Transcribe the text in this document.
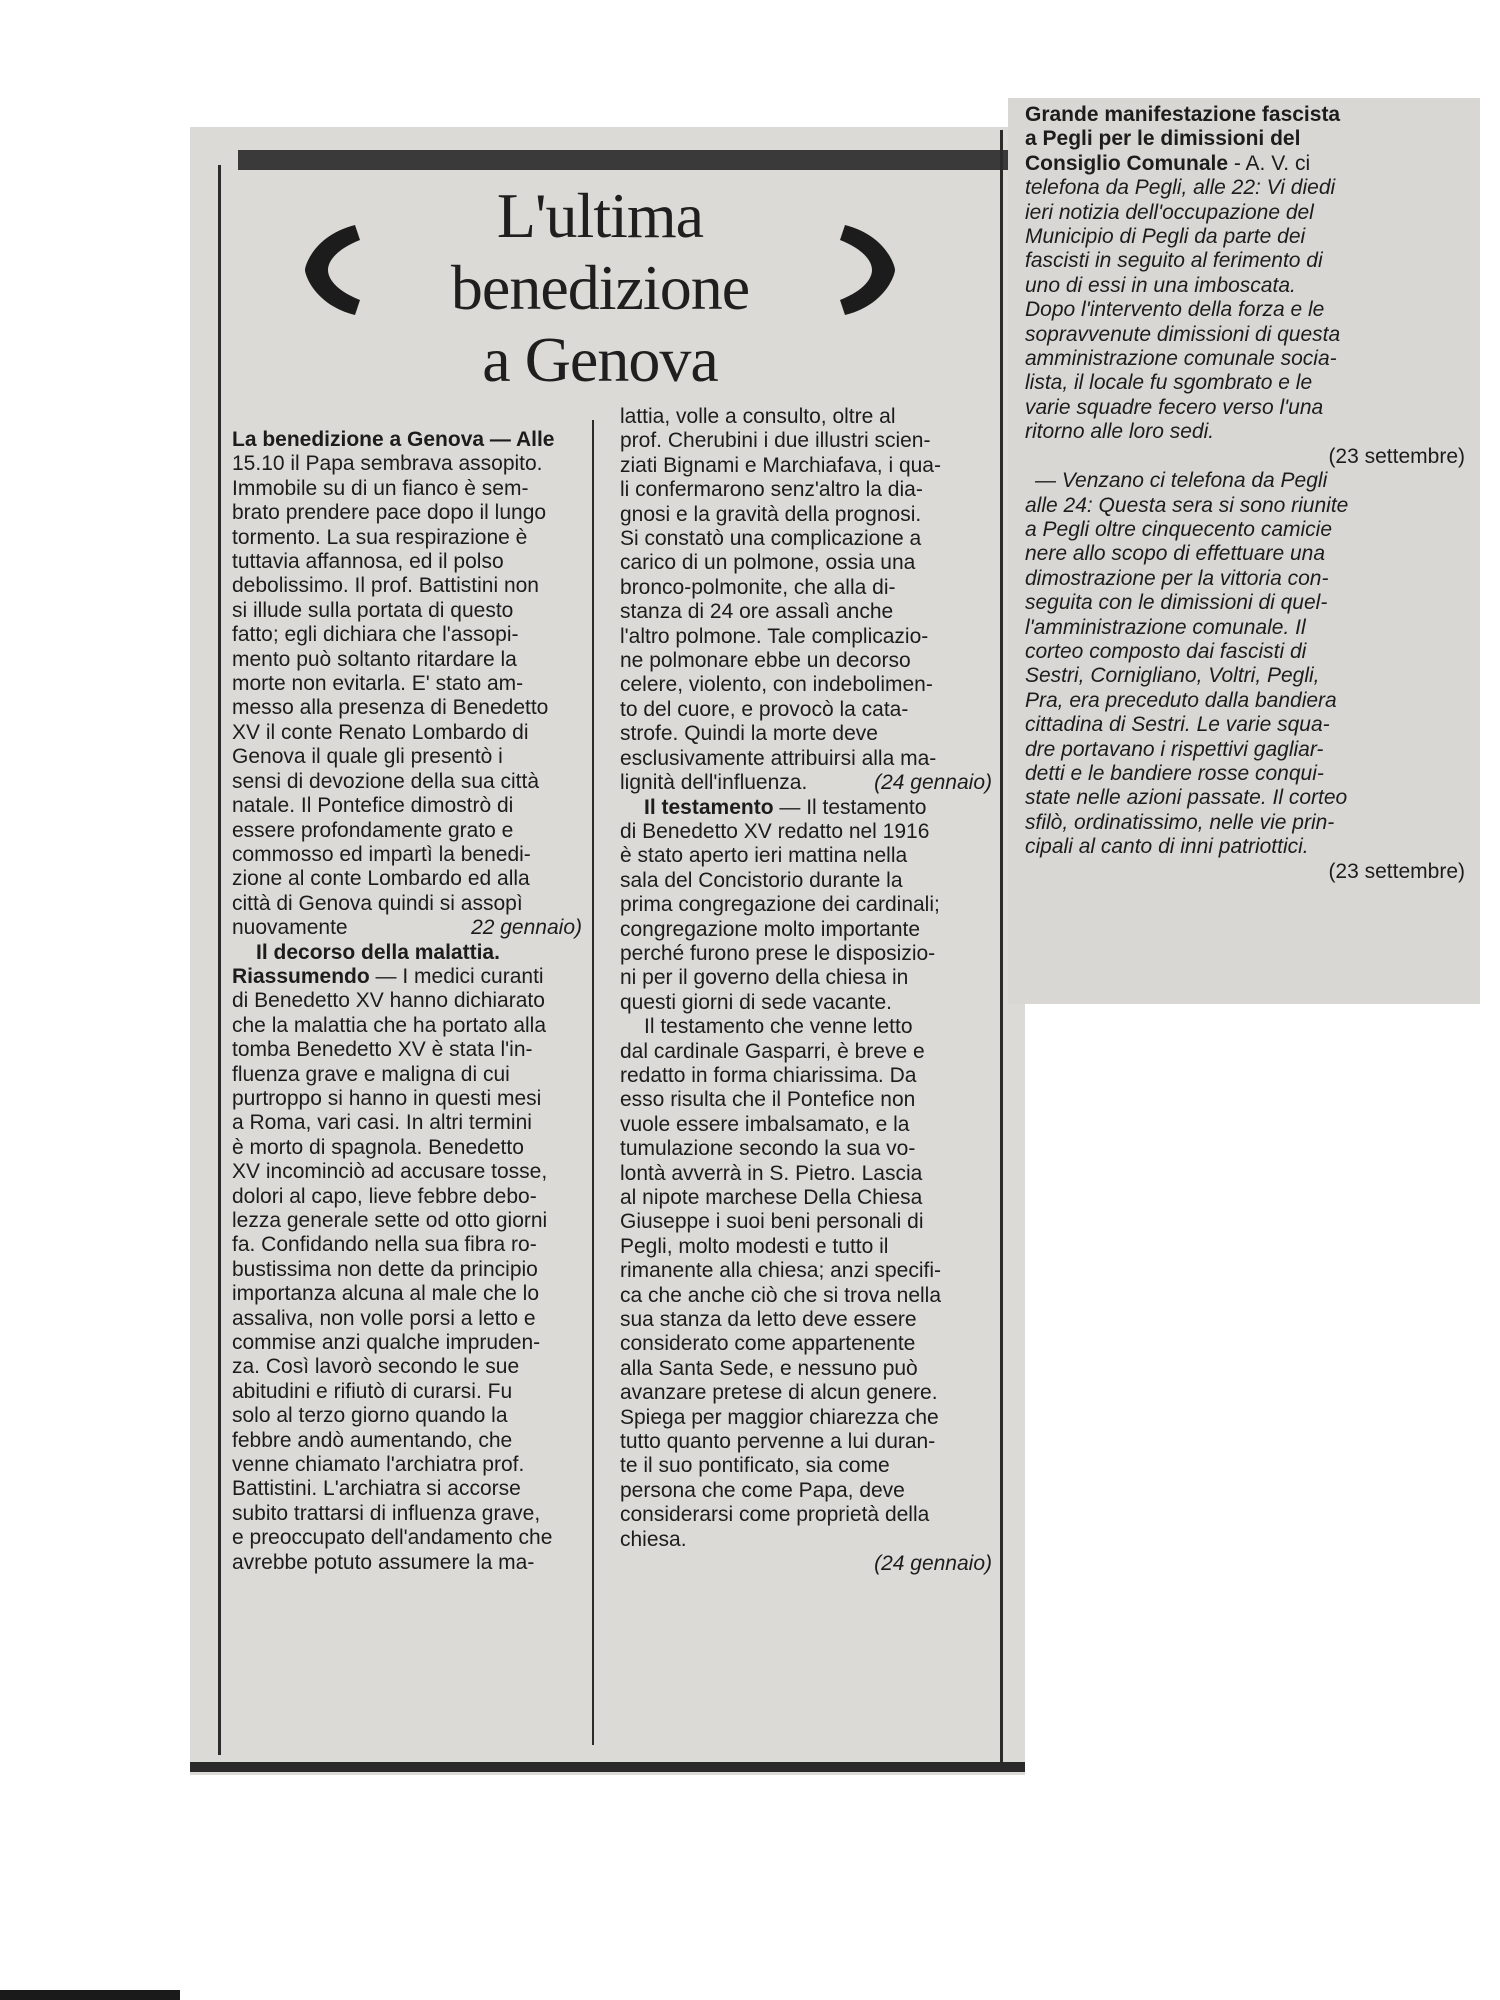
L'ultima
benedizione
a Genova
La benedizione a Genova — Alle
15.10 il Papa sembrava assopito.
Immobile su di un fianco è sem-
brato prendere pace dopo il lungo
tormento. La sua respirazione è
tuttavia affannosa, ed il polso
debolissimo. Il prof. Battistini non
si illude sulla portata di questo
fatto; egli dichiara che l'assopi-
mento può soltanto ritardare la
morte non evitarla. E' stato am-
messo alla presenza di Benedetto
XV il conte Renato Lombardo di
Genova il quale gli presentò i
sensi di devozione della sua città
natale. Il Pontefice dimostrò di
essere profondamente grato e
commosso ed impartì la benedi-
zione al conte Lombardo ed alla
città di Genova quindi si assopì
nuovamente	22 gennaio)
Il decorso della malattia.
Riassumendo — I medici curanti
di Benedetto XV hanno dichiarato
che la malattia che ha portato alla
tomba Benedetto XV è stata l'in-
fluenza grave e maligna di cui
purtroppo si hanno in questi mesi
a Roma, vari casi. In altri termini
è morto di spagnola. Benedetto
XV incominciò ad accusare tosse,
dolori al capo, lieve febbre debo-
lezza generale sette od otto giorni
fa. Confidando nella sua fibra ro-
bustissima non dette da principio
importanza alcuna al male che lo
assaliva, non volle porsi a letto e
commise anzi qualche impruden-
za. Così lavorò secondo le sue
abitudini e rifiutò di curarsi. Fu
solo al terzo giorno quando la
febbre andò aumentando, che
venne chiamato l'archiatra prof.
Battistini. L'archiatra si accorse
subito trattarsi di influenza grave,
e preoccupato dell'andamento che
avrebbe potuto assumere la ma-
lattia, volle a consulto, oltre al
prof. Cherubini i due illustri scien-
ziati Bignami e Marchiafava, i qua-
li confermarono senz'altro la dia-
gnosi e la gravità della prognosi.
Si constatò una complicazione a
carico di un polmone, ossia una
bronco-polmonite, che alla di-
stanza di 24 ore assalì anche
l'altro polmone. Tale complicazio-
ne polmonare ebbe un decorso
celere, violento, con indebolimen-
to del cuore, e provocò la cata-
strofe. Quindi la morte deve
esclusivamente attribuirsi alla ma-
lignità dell'influenza.	(24 gennaio)
Il testamento — Il testamento
di Benedetto XV redatto nel 1916
è stato aperto ieri mattina nella
sala del Concistorio durante la
prima congregazione dei cardinali;
congregazione molto importante
perché furono prese le disposizio-
ni per il governo della chiesa in
questi giorni di sede vacante.
Il testamento che venne letto
dal cardinale Gasparri, è breve e
redatto in forma chiarissima. Da
esso risulta che il Pontefice non
vuole essere imbalsamato, e la
tumulazione secondo la sua vo-
lontà avverrà in S. Pietro. Lascia
al nipote marchese Della Chiesa
Giuseppe i suoi beni personali di
Pegli, molto modesti e tutto il
rimanente alla chiesa; anzi specifi-
ca che anche ciò che si trova nella
sua stanza da letto deve essere
considerato come appartenente
alla Santa Sede, e nessuno può
avanzare pretese di alcun genere.
Spiega per maggior chiarezza che
tutto quanto pervenne a lui duran-
te il suo pontificato, sia come
persona che come Papa, deve
considerarsi come proprietà della
chiesa.
(24 gennaio)
Grande manifestazione fascista
a Pegli per le dimissioni del
Consiglio Comunale - A. V. ci
telefona da Pegli, alle 22: Vi diedi
ieri notizia dell'occupazione del
Municipio di Pegli da parte dei
fascisti in seguito al ferimento di
uno di essi in una imboscata.
Dopo l'intervento della forza e le
sopravvenute dimissioni di questa
amministrazione comunale socia-
lista, il locale fu sgombrato e le
varie squadre fecero verso l'una
ritorno alle loro sedi.
(23 settembre)
— Venzano ci telefona da Pegli
alle 24: Questa sera si sono riunite
a Pegli oltre cinquecento camicie
nere allo scopo di effettuare una
dimostrazione per la vittoria con-
seguita con le dimissioni di quel-
l'amministrazione comunale. Il
corteo composto dai fascisti di
Sestri, Cornigliano, Voltri, Pegli,
Pra, era preceduto dalla bandiera
cittadina di Sestri. Le varie squa-
dre portavano i rispettivi gagliar-
detti e le bandiere rosse conqui-
state nelle azioni passate. Il corteo
sfilò, ordinatissimo, nelle vie prin-
cipali al canto di inni patriottici.
(23 settembre)
